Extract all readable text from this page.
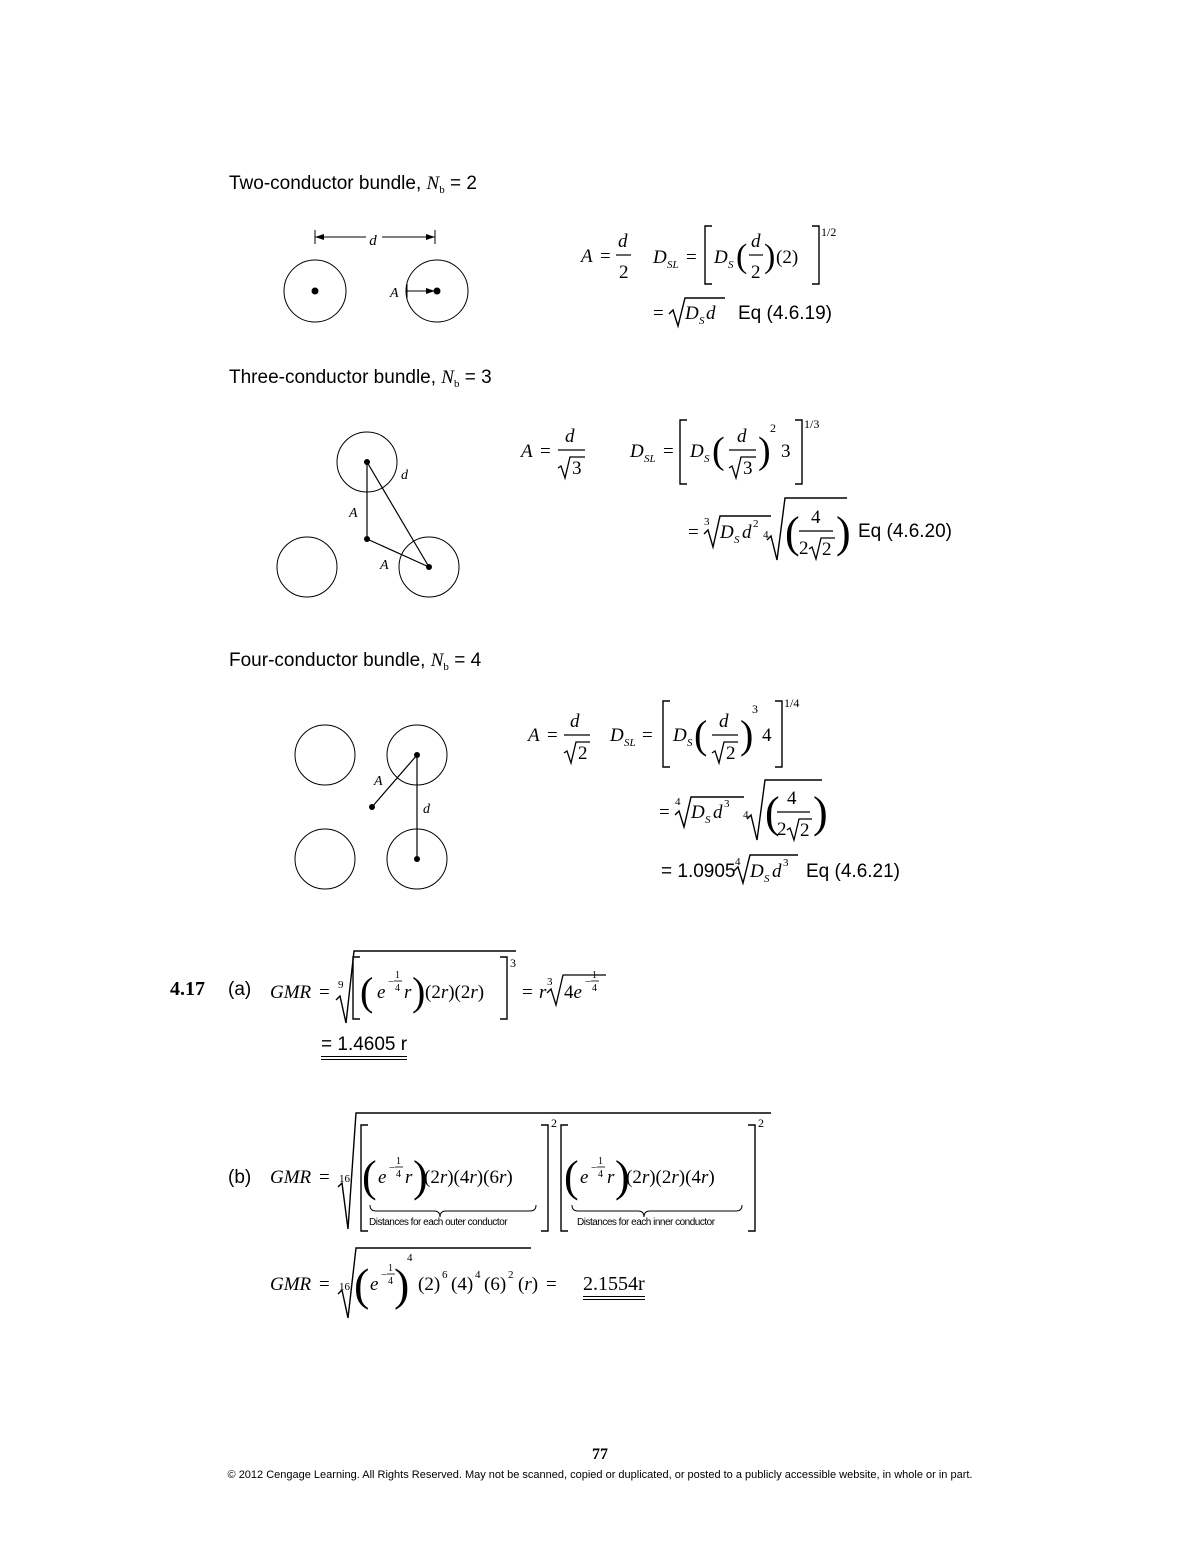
Two-conductor bundle, $N_b = 2$
d
A
A =
d
2
D SL = D S ( d
2 ) (2)
1/2
= D S d Eq (4.6.19)
Three-conductor bundle, $N_b = 3$
d
A
A
A =
d
3
D SL = D S ( d
3 )
2
3
1/3
= 3 D S d 2
4 ( 4
2 2 ) Eq (4.6.20)
Four-conductor bundle, $N_b = 4$
A
d
A =
d
2
D SL = D S ( d
2 )
3
4
1/4
= 4 D S d 3
4 ( 4
2 2 )
4 D S d 3
= 1.0905	Eq (4.6.21)
4.17 (a) GMR = 9 ( e −
1
4 r ) (2r)(2r)
3
= r 3 4e −
1
4
= 1.4605 r
(b) GMR = 16 ( e −
1
4 r )
(2r)(4r)(6r)
2
( e −
1
4 r )
(2r)(2r)(4r)
2
Distances for each outer conductor	Distances for each inner conductor
GMR = 16 ( e −
1
4 )
4
(2) 6 (4) 4 (6) 2 (r) = 2.1554r
77
© 2012 Cengage Learning. All Rights Reserved. May not be scanned, copied or duplicated, or posted to a publicly accessible website, in whole or in part.
